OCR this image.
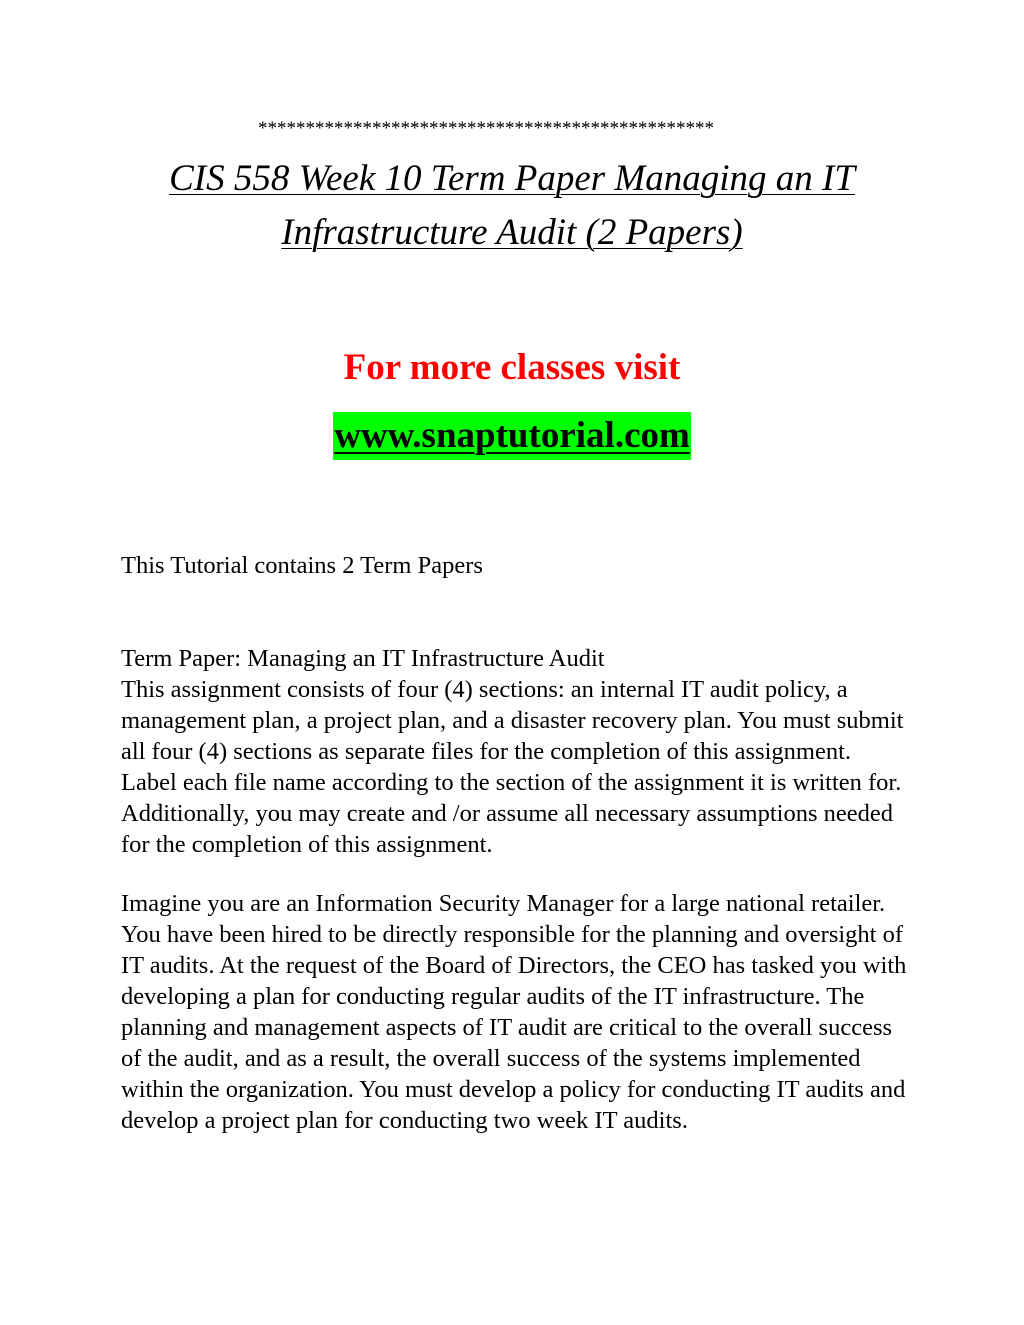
************************************************
CIS 558 Week 10 Term Paper Managing an IT
Infrastructure Audit (2 Papers)
For more classes visit
www.snaptutorial.com
This Tutorial contains 2 Term Papers

Term Paper: Managing an IT Infrastructure Audit

This assignment consists of four (4) sections: an internal IT audit policy, a management plan, a project plan, and a disaster recovery plan. You must submit all four (4) sections as separate files for the completion of this assignment. Label each file name according to the section of the assignment it is written for. Additionally, you may create and /or assume all necessary assumptions needed for the completion of this assignment.

Imagine you are an Information Security Manager for a large national retailer. You have been hired to be directly responsible for the planning and oversight of IT audits. At the request of the Board of Directors, the CEO has tasked you with developing a plan for conducting regular audits of the IT infrastructure. The planning and management aspects of IT audit are critical to the overall success of the audit, and as a result, the overall success of the systems implemented within the organization. You must develop a policy for conducting IT audits and develop a project plan for conducting two week IT audits.
